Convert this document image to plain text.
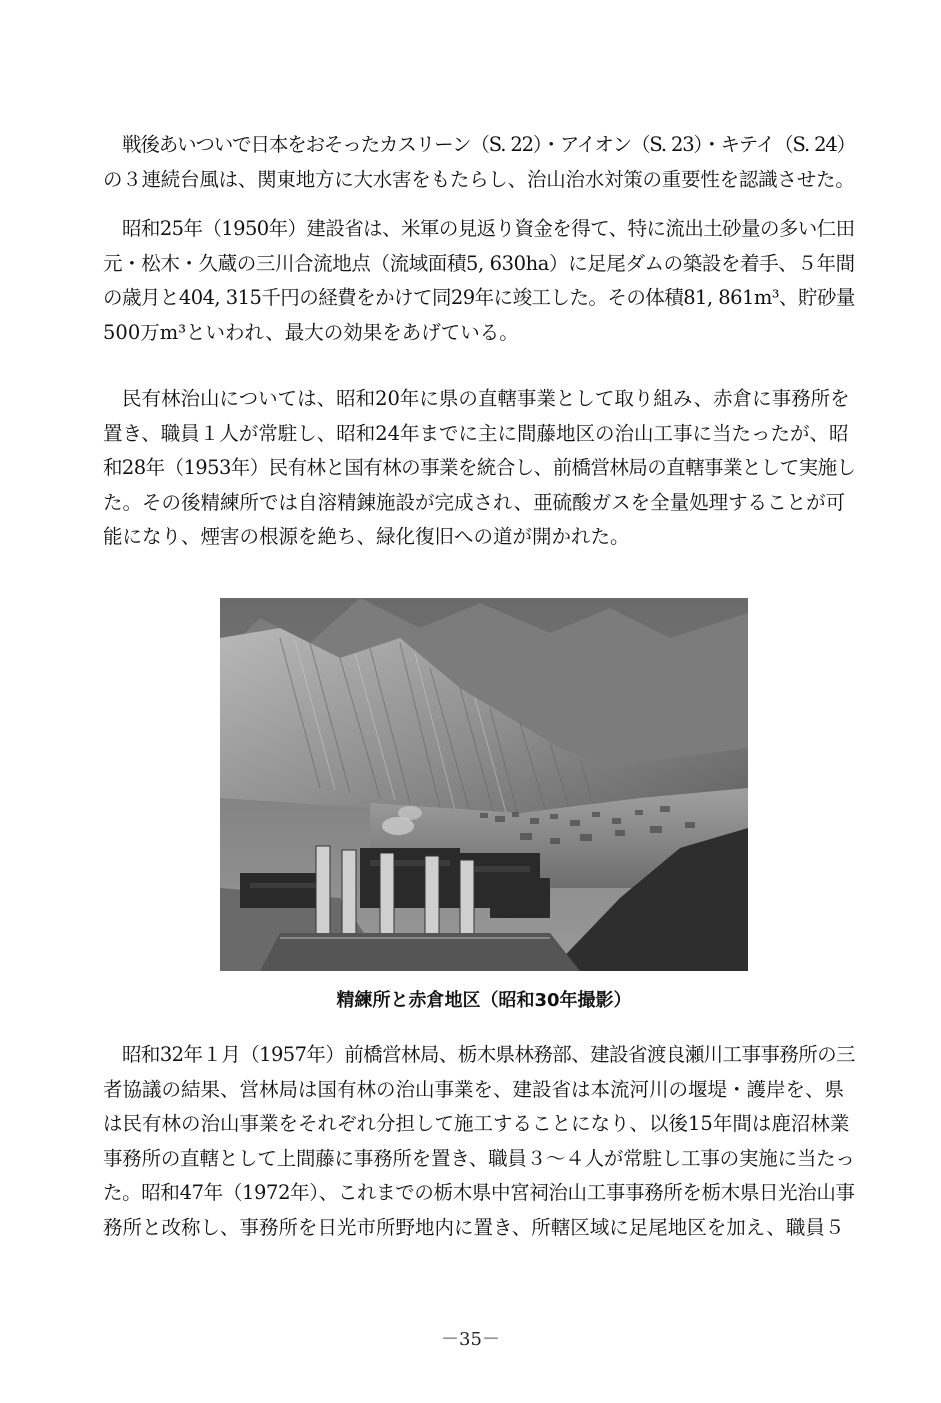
戦後あいついで日本をおそったカスリーン（S. 22）・アイオン（S. 23）・キテイ（S. 24）
の３連続台風は、関東地方に大水害をもたらし、治山治水対策の重要性を認識させた。
昭和25年（1950年）建設省は、米軍の見返り資金を得て、特に流出土砂量の多い仁田
元・松木・久蔵の三川合流地点（流域面積5, 630ha）に足尾ダムの築設を着手、５年間
の歳月と404, 315千円の経費をかけて同29年に竣工した。その体積81, 861m³、貯砂量
500万m³といわれ、最大の効果をあげている。
民有林治山については、昭和20年に県の直轄事業として取り組み、赤倉に事務所を
置き、職員１人が常駐し、昭和24年までに主に間藤地区の治山工事に当たったが、昭
和28年（1953年）民有林と国有林の事業を統合し、前橋営林局の直轄事業として実施し
た。その後精練所では自溶精錬施設が完成され、亜硫酸ガスを全量処理することが可
能になり、煙害の根源を絶ち、緑化復旧への道が開かれた。
精練所と赤倉地区（昭和30年撮影）
昭和32年１月（1957年）前橋営林局、栃木県林務部、建設省渡良瀬川工事事務所の三
者協議の結果、営林局は国有林の治山事業を、建設省は本流河川の堰堤・護岸を、県
は民有林の治山事業をそれぞれ分担して施工することになり、以後15年間は鹿沼林業
事務所の直轄として上間藤に事務所を置き、職員３～４人が常駐し工事の実施に当たっ
た。昭和47年（1972年）、これまでの栃木県中宮祠治山工事事務所を栃木県日光治山事
務所と改称し、事務所を日光市所野地内に置き、所轄区域に足尾地区を加え、職員５
－35－
